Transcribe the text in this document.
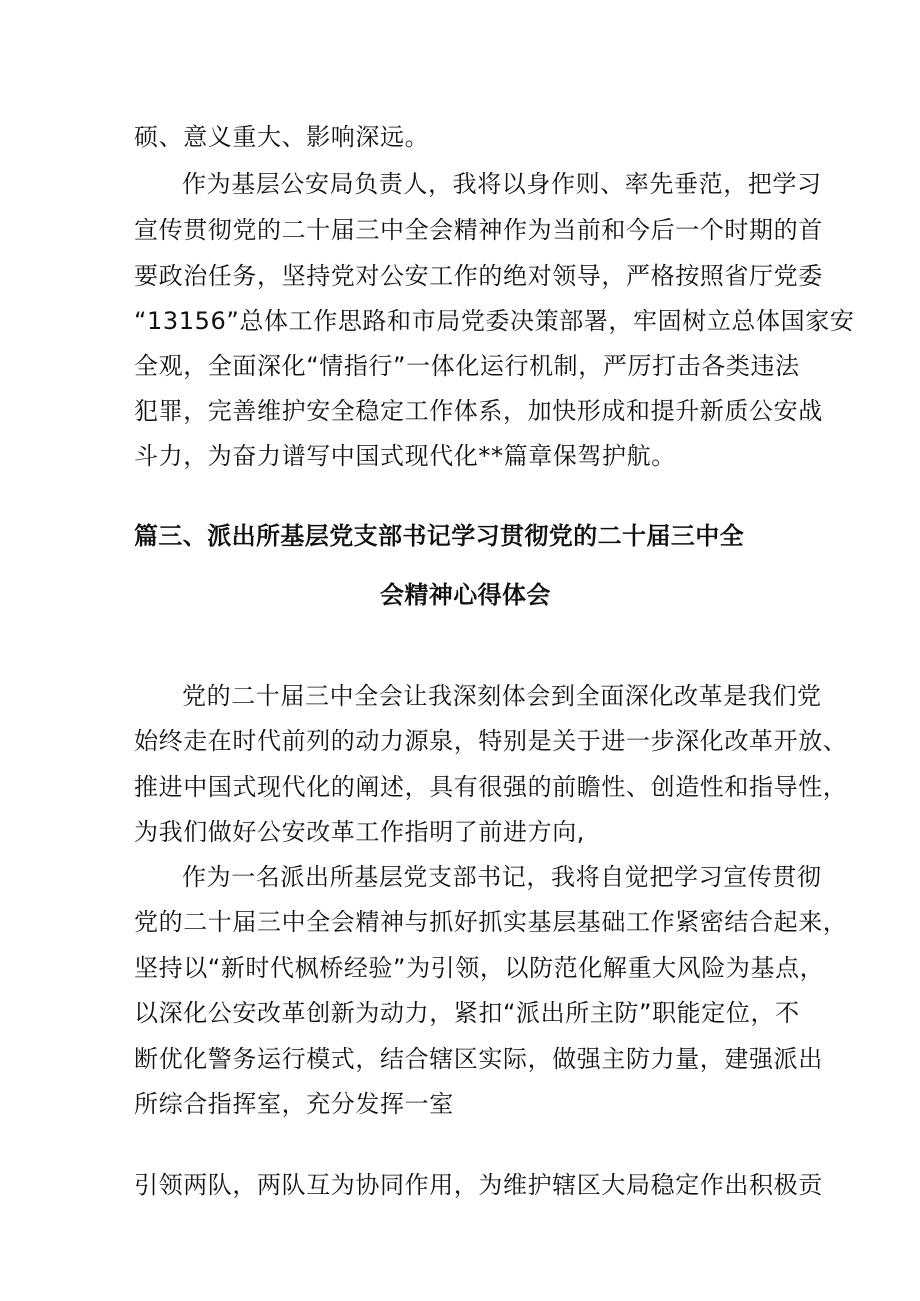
硕、意义重大、影响深远。
作为基层公安局负责人，我将以身作则、率先垂范，把学习
宣传贯彻党的二十届三中全会精神作为当前和今后一个时期的首
要政治任务，坚持党对公安工作的绝对领导，严格按照省厅党委
“13156”总体工作思路和市局党委决策部署，牢固树立总体国家安
全观，全面深化“情指行”一体化运行机制，严厉打击各类违法
犯罪，完善维护安全稳定工作体系，加快形成和提升新质公安战
斗力，为奋力谱写中国式现代化**篇章保驾护航。
篇三、派出所基层党支部书记学习贯彻党的二十届三中全
会精神心得体会
党的二十届三中全会让我深刻体会到全面深化改革是我们党
始终走在时代前列的动力源泉，特别是关于进一步深化改革开放、
推进中国式现代化的阐述，具有很强的前瞻性、创造性和指导性，
为我们做好公安改革工作指明了前进方向,
作为一名派出所基层党支部书记，我将自觉把学习宣传贯彻
党的二十届三中全会精神与抓好抓实基层基础工作紧密结合起来，
坚持以“新时代枫桥经验”为引领，以防范化解重大风险为基点，
以深化公安改革创新为动力，紧扣“派出所主防”职能定位，不
断优化警务运行模式，结合辖区实际，做强主防力量，建强派出
所综合指挥室，充分发挥一室
引领两队，两队互为协同作用，为维护辖区大局稳定作出积极贡
